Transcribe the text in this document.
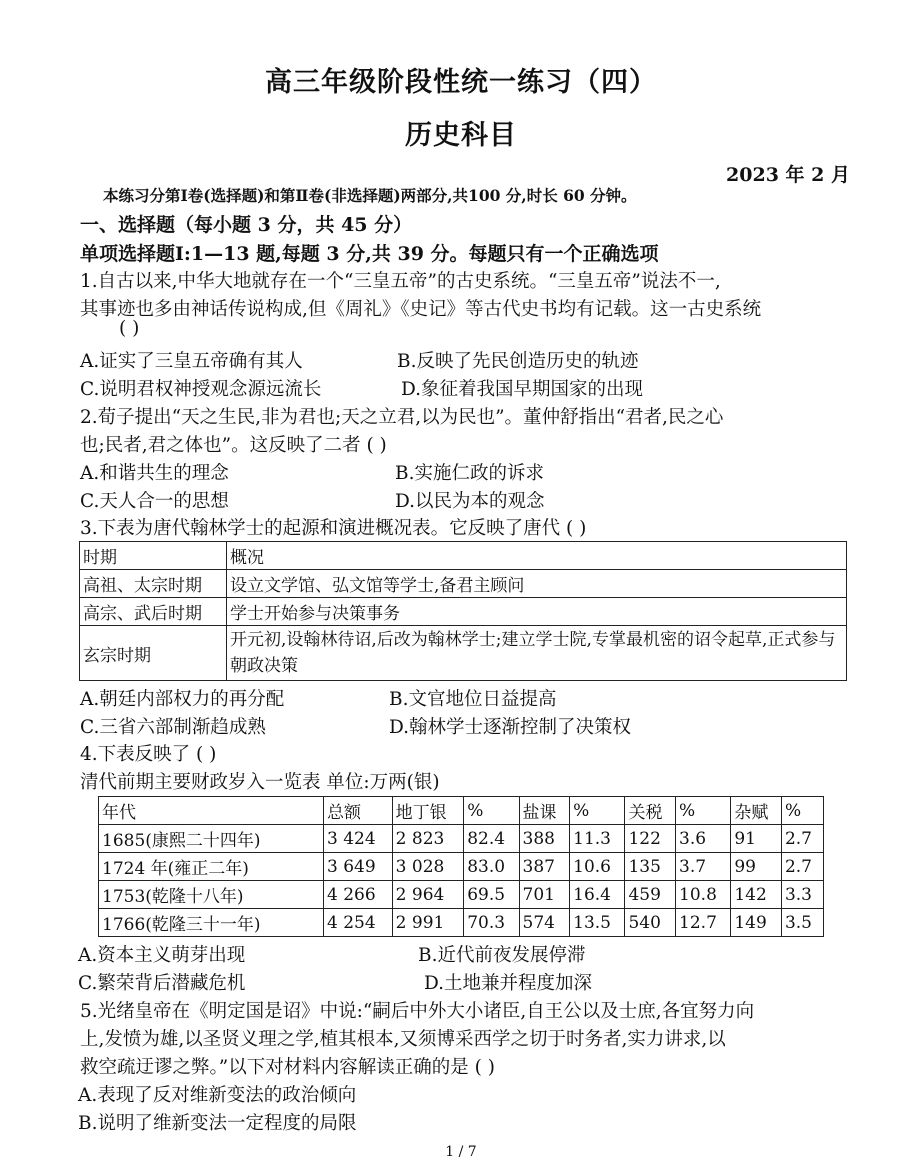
高三年级阶段性统一练习（四）
历史科目
2023 年 2 月
本练习分第Ⅰ卷(选择题)和第Ⅱ卷(非选择题)两部分,共100 分,时长 60 分钟。
一、选择题（每小题 3 分，共 45 分）
单项选择题Ⅰ:1—13 题,每题 3 分,共 39 分。每题只有一个正确选项
1.自古以来,中华大地就存在一个“三皇五帝”的古史系统。“三皇五帝”说法不一,
其事迹也多由神话传说构成,但《周礼》《史记》等古代史书均有记载。这一古史系统
( )
A.证实了三皇五帝确有其人	B.反映了先民创造历史的轨迹
C.说明君权神授观念源远流长	D.象征着我国早期国家的出现
2.荀子提出“天之生民,非为君也;天之立君,以为民也”。董仲舒指出“君者,民之心
也;民者,君之体也”。这反映了二者 ( )
A.和谐共生的理念	B.实施仁政的诉求
C.天人合一的思想	D.以民为本的观念
3.下表为唐代翰林学士的起源和演进概况表。它反映了唐代 ( )
时期	概况
高祖、太宗时期	设立文学馆、弘文馆等学士,备君主顾问
高宗、武后时期	学士开始参与决策事务
玄宗时期	开元初,设翰林待诏,后改为翰林学士;建立学士院,专掌最机密的诏令起草,正式参与朝政决策
A.朝廷内部权力的再分配	B.文官地位日益提高
C.三省六部制渐趋成熟	D.翰林学士逐渐控制了决策权
4.下表反映了 ( )
清代前期主要财政岁入一览表 单位:万两(银)
年代	总额	地丁银	%	盐课	%	关税	%	杂赋	%
1685(康熙二十四年)	3 424	2 823	82.4	388	11.3	122	3.6	91	2.7
1724 年(雍正二年)	3 649	3 028	83.0	387	10.6	135	3.7	99	2.7
1753(乾隆十八年)	4 266	2 964	69.5	701	16.4	459	10.8	142	3.3
1766(乾隆三十一年)	4 254	2 991	70.3	574	13.5	540	12.7	149	3.5
A.资本主义萌芽出现	B.近代前夜发展停滞
C.繁荣背后潜藏危机	D.土地兼并程度加深
5.光绪皇帝在《明定国是诏》中说:“嗣后中外大小诸臣,自王公以及士庶,各宜努力向
上,发愤为雄,以圣贤义理之学,植其根本,又须博采西学之切于时务者,实力讲求,以
救空疏迂谬之弊。”以下对材料内容解读正确的是 ( )
A.表现了反对维新变法的政治倾向
B.说明了维新变法一定程度的局限
1 / 7
